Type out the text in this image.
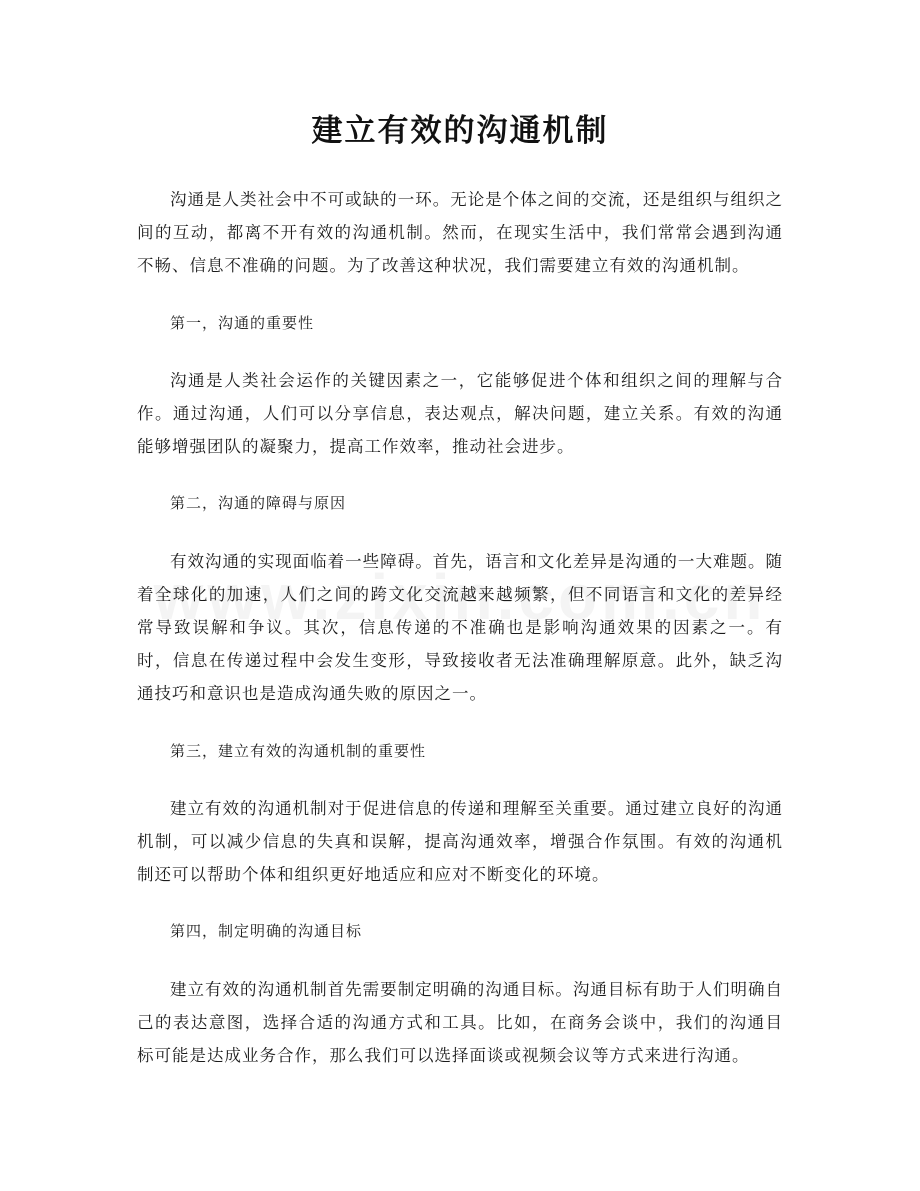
建立有效的沟通机制

沟通是人类社会中不可或缺的一环。无论是个体之间的交流，还是组织与组织之间的互动，都离不开有效的沟通机制。然而，在现实生活中，我们常常会遇到沟通不畅、信息不准确的问题。为了改善这种状况，我们需要建立有效的沟通机制。

第一，沟通的重要性

沟通是人类社会运作的关键因素之一，它能够促进个体和组织之间的理解与合作。通过沟通，人们可以分享信息，表达观点，解决问题，建立关系。有效的沟通能够增强团队的凝聚力，提高工作效率，推动社会进步。

第二，沟通的障碍与原因

有效沟通的实现面临着一些障碍。首先，语言和文化差异是沟通的一大难题。随着全球化的加速，人们之间的跨文化交流越来越频繁，但不同语言和文化的差异经常导致误解和争议。其次，信息传递的不准确也是影响沟通效果的因素之一。有时，信息在传递过程中会发生变形，导致接收者无法准确理解原意。此外，缺乏沟通技巧和意识也是造成沟通失败的原因之一。

第三，建立有效的沟通机制的重要性

建立有效的沟通机制对于促进信息的传递和理解至关重要。通过建立良好的沟通机制，可以减少信息的失真和误解，提高沟通效率，增强合作氛围。有效的沟通机制还可以帮助个体和组织更好地适应和应对不断变化的环境。

第四，制定明确的沟通目标

建立有效的沟通机制首先需要制定明确的沟通目标。沟通目标有助于人们明确自己的表达意图，选择合适的沟通方式和工具。比如，在商务会谈中，我们的沟通目标可能是达成业务合作，那么我们可以选择面谈或视频会议等方式来进行沟通。
